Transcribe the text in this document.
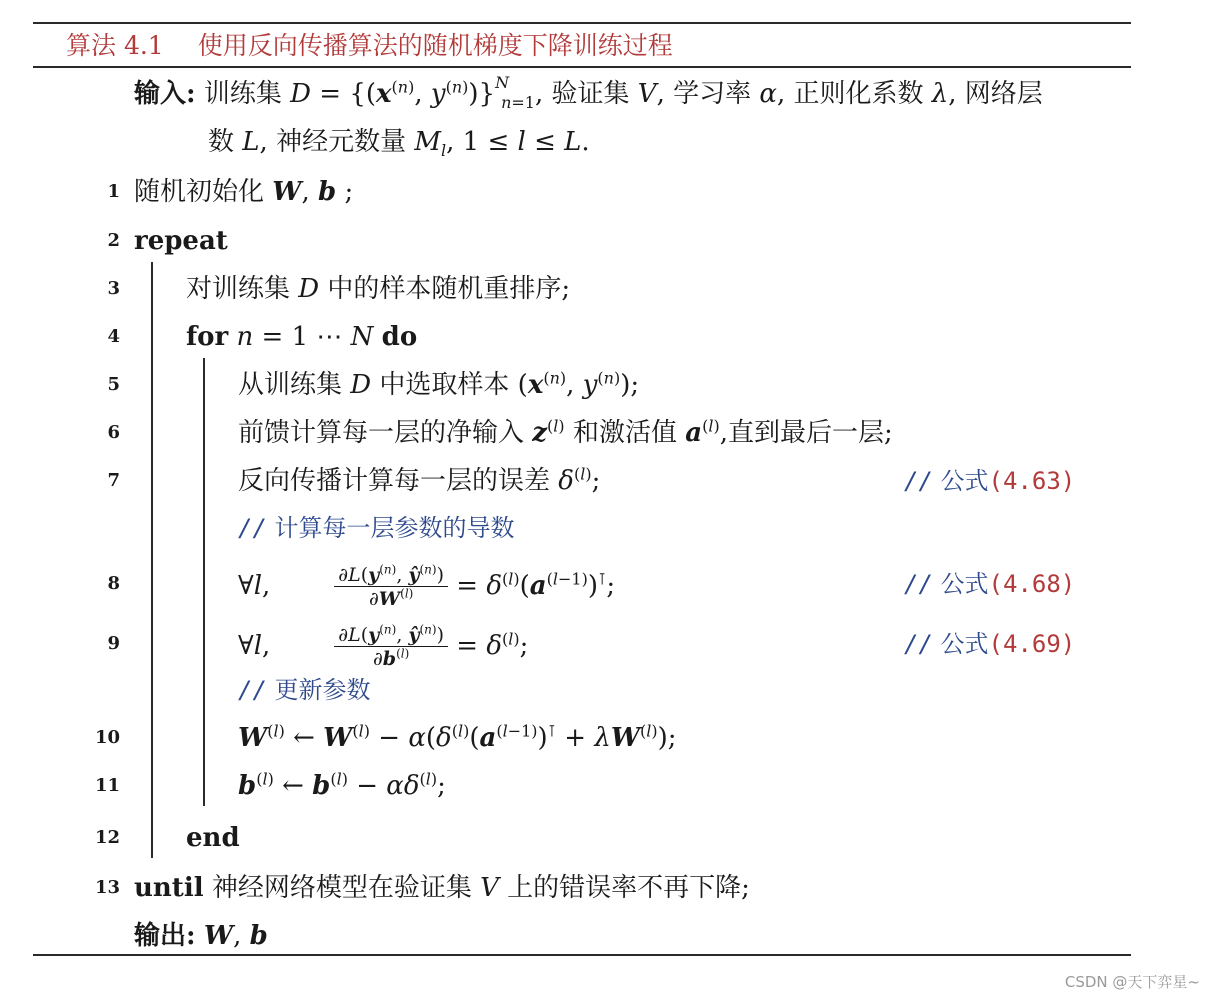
算法 4.1 使用反向传播算法的随机梯度下降训练过程
输入: 训练集 $D = \{(x^{(n)}$, $y^{(n)})\}^N_{n=1}$, 验证集 V, 学习率 α, 正则化系数 λ, 网络层
数 L, 神经元数量 $M_l$, 1 ≤ l ≤ L.
1 随机初始化 W, b ;
2 repeat
3	对训练集 D 中的样本随机重排序;
4	for n = 1 ⋯ N do
5	从训练集 D 中选取样本 ($x^{(n)}$, $y^{(n)}$);
6	前馈计算每一层的净输入 $z^{(l)}$ 和激活值 $a^{(l)}$,直到最后一层;
7	反向传播计算每一层的误差 $\delta^{(l)}$;	// 公式(4.63)
// 计算每一层参数的导数
8	∀l,	$\frac{\partial L(y^{(n)}, ŷ^{(n)})}{\partial W^{(l)}} = \delta^{(l)}(a^{(l-1)})^⊺$;	// 公式(4.68)
9	∀l,	$\frac{\partial L(y^{(n)}, ŷ^{(n)})}{\partial b^{(l)}} = \delta^{(l)}$;	// 公式(4.69)
// 更新参数
10	$W^{(l)}$ ← $W^{(l)} - \alpha(\delta^{(l)}(a^{(l-1)})^⊺ + \lambda W^{(l)})$;
11	$b^{(l)}$ ← $b^{(l)} - \alpha\delta^{(l)}$;
12	end
13 until 神经网络模型在验证集 V 上的错误率不再下降;
输出: W, b
CSDN @天下弈星~
